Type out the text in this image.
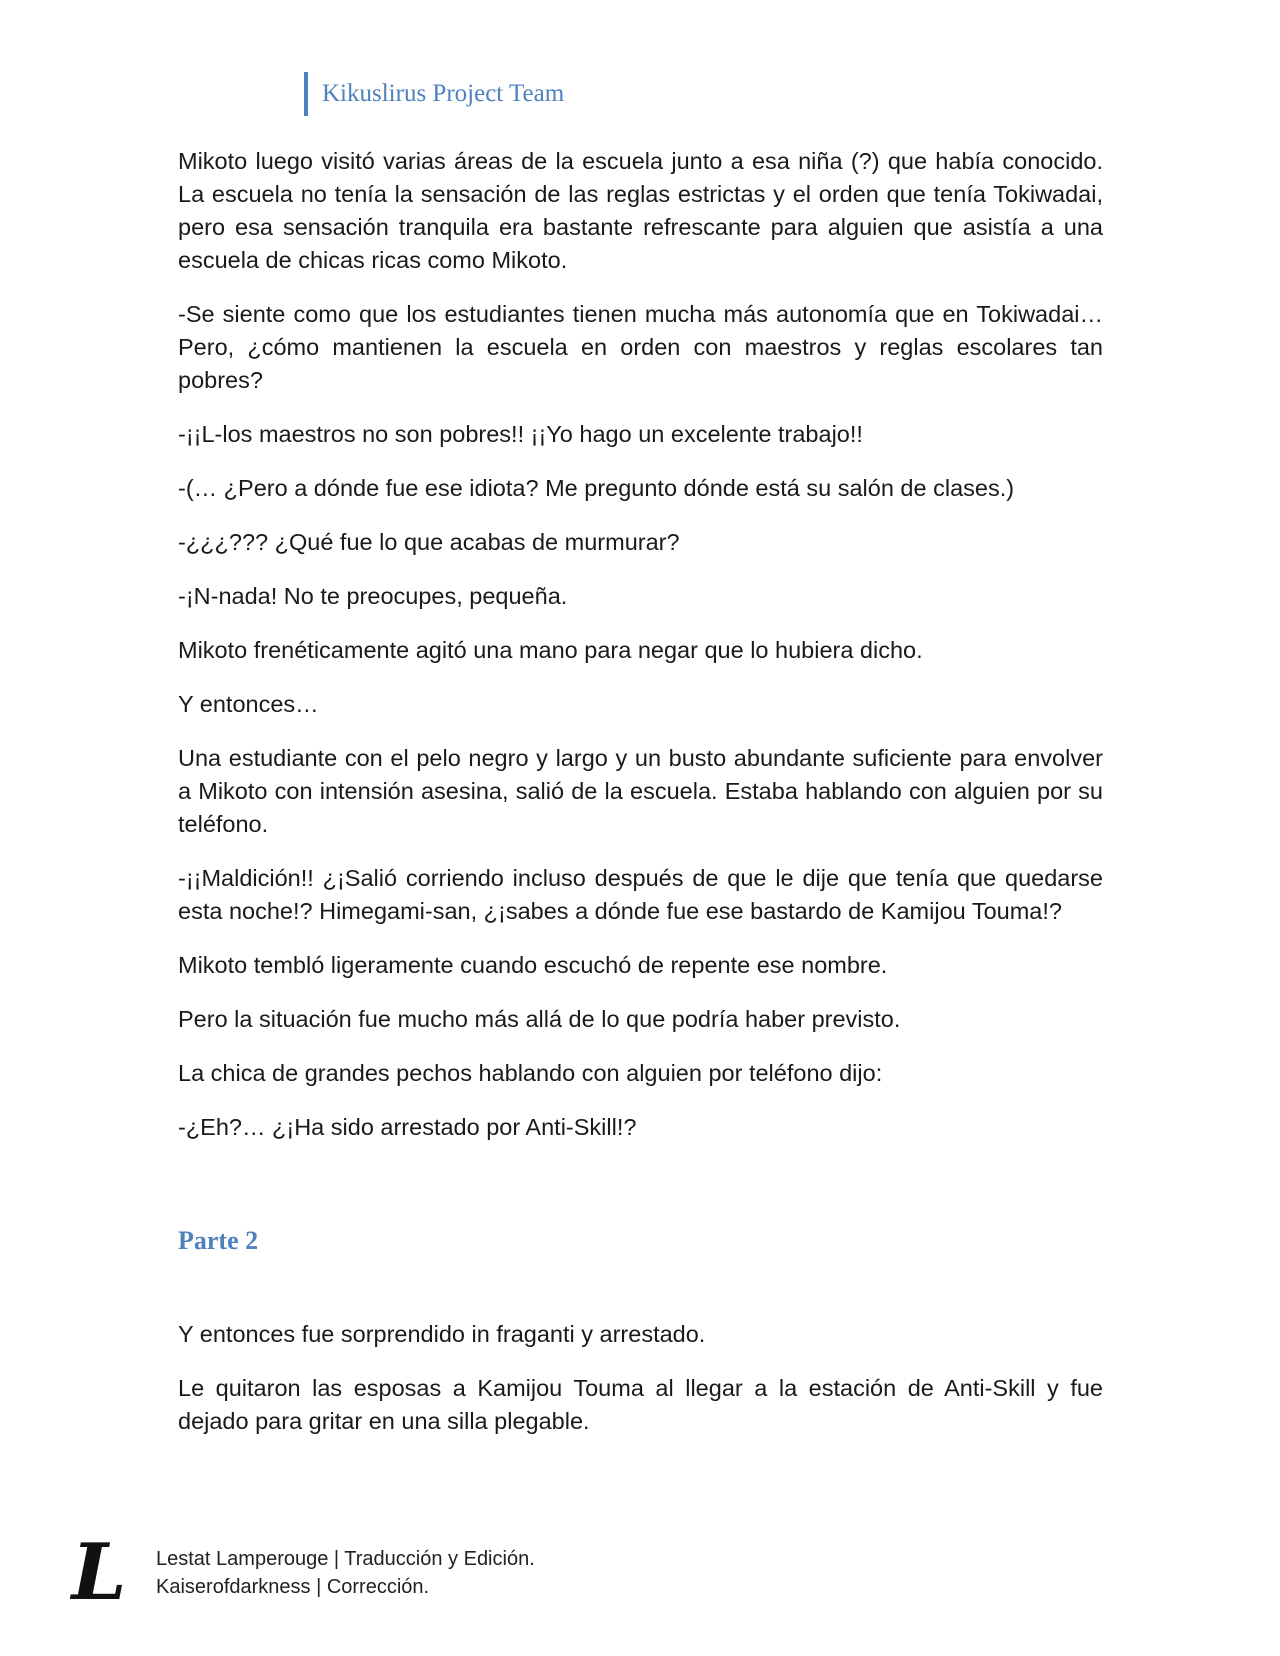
Kikuslirus Project Team

Mikoto luego visitó varias áreas de la escuela junto a esa niña (?) que había conocido. La escuela no tenía la sensación de las reglas estrictas y el orden que tenía Tokiwadai, pero esa sensación tranquila era bastante refrescante para alguien que asistía a una escuela de chicas ricas como Mikoto.

-Se siente como que los estudiantes tienen mucha más autonomía que en Tokiwadai…Pero, ¿cómo mantienen la escuela en orden con maestros y reglas escolares tan pobres?

-¡¡L-los maestros no son pobres!! ¡¡Yo hago un excelente trabajo!!

-(… ¿Pero a dónde fue ese idiota? Me pregunto dónde está su salón de clases.)

-¿¿¿??? ¿Qué fue lo que acabas de murmurar?

-¡N-nada! No te preocupes, pequeña.

Mikoto frenéticamente agitó una mano para negar que lo hubiera dicho.

Y entonces…

Una estudiante con el pelo negro y largo y un busto abundante suficiente para envolver a Mikoto con intensión asesina, salió de la escuela. Estaba hablando con alguien por su teléfono.

-¡¡Maldición!! ¿¡Salió corriendo incluso después de que le dije que tenía que quedarse esta noche!? Himegami-san, ¿¡sabes a dónde fue ese bastardo de Kamijou Touma!?

Mikoto tembló ligeramente cuando escuchó de repente ese nombre.

Pero la situación fue mucho más allá de lo que podría haber previsto.

La chica de grandes pechos hablando con alguien por teléfono dijo:

-¿Eh?… ¿¡Ha sido arrestado por Anti-Skill!?

Parte 2

Y entonces fue sorprendido in fraganti y arrestado.

Le quitaron las esposas a Kamijou Touma al llegar a la estación de Anti-Skill y fue dejado para gritar en una silla plegable.

L Lestat Lamperouge | Traducción y Edición.
Kaiserofdarkness | Corrección.
